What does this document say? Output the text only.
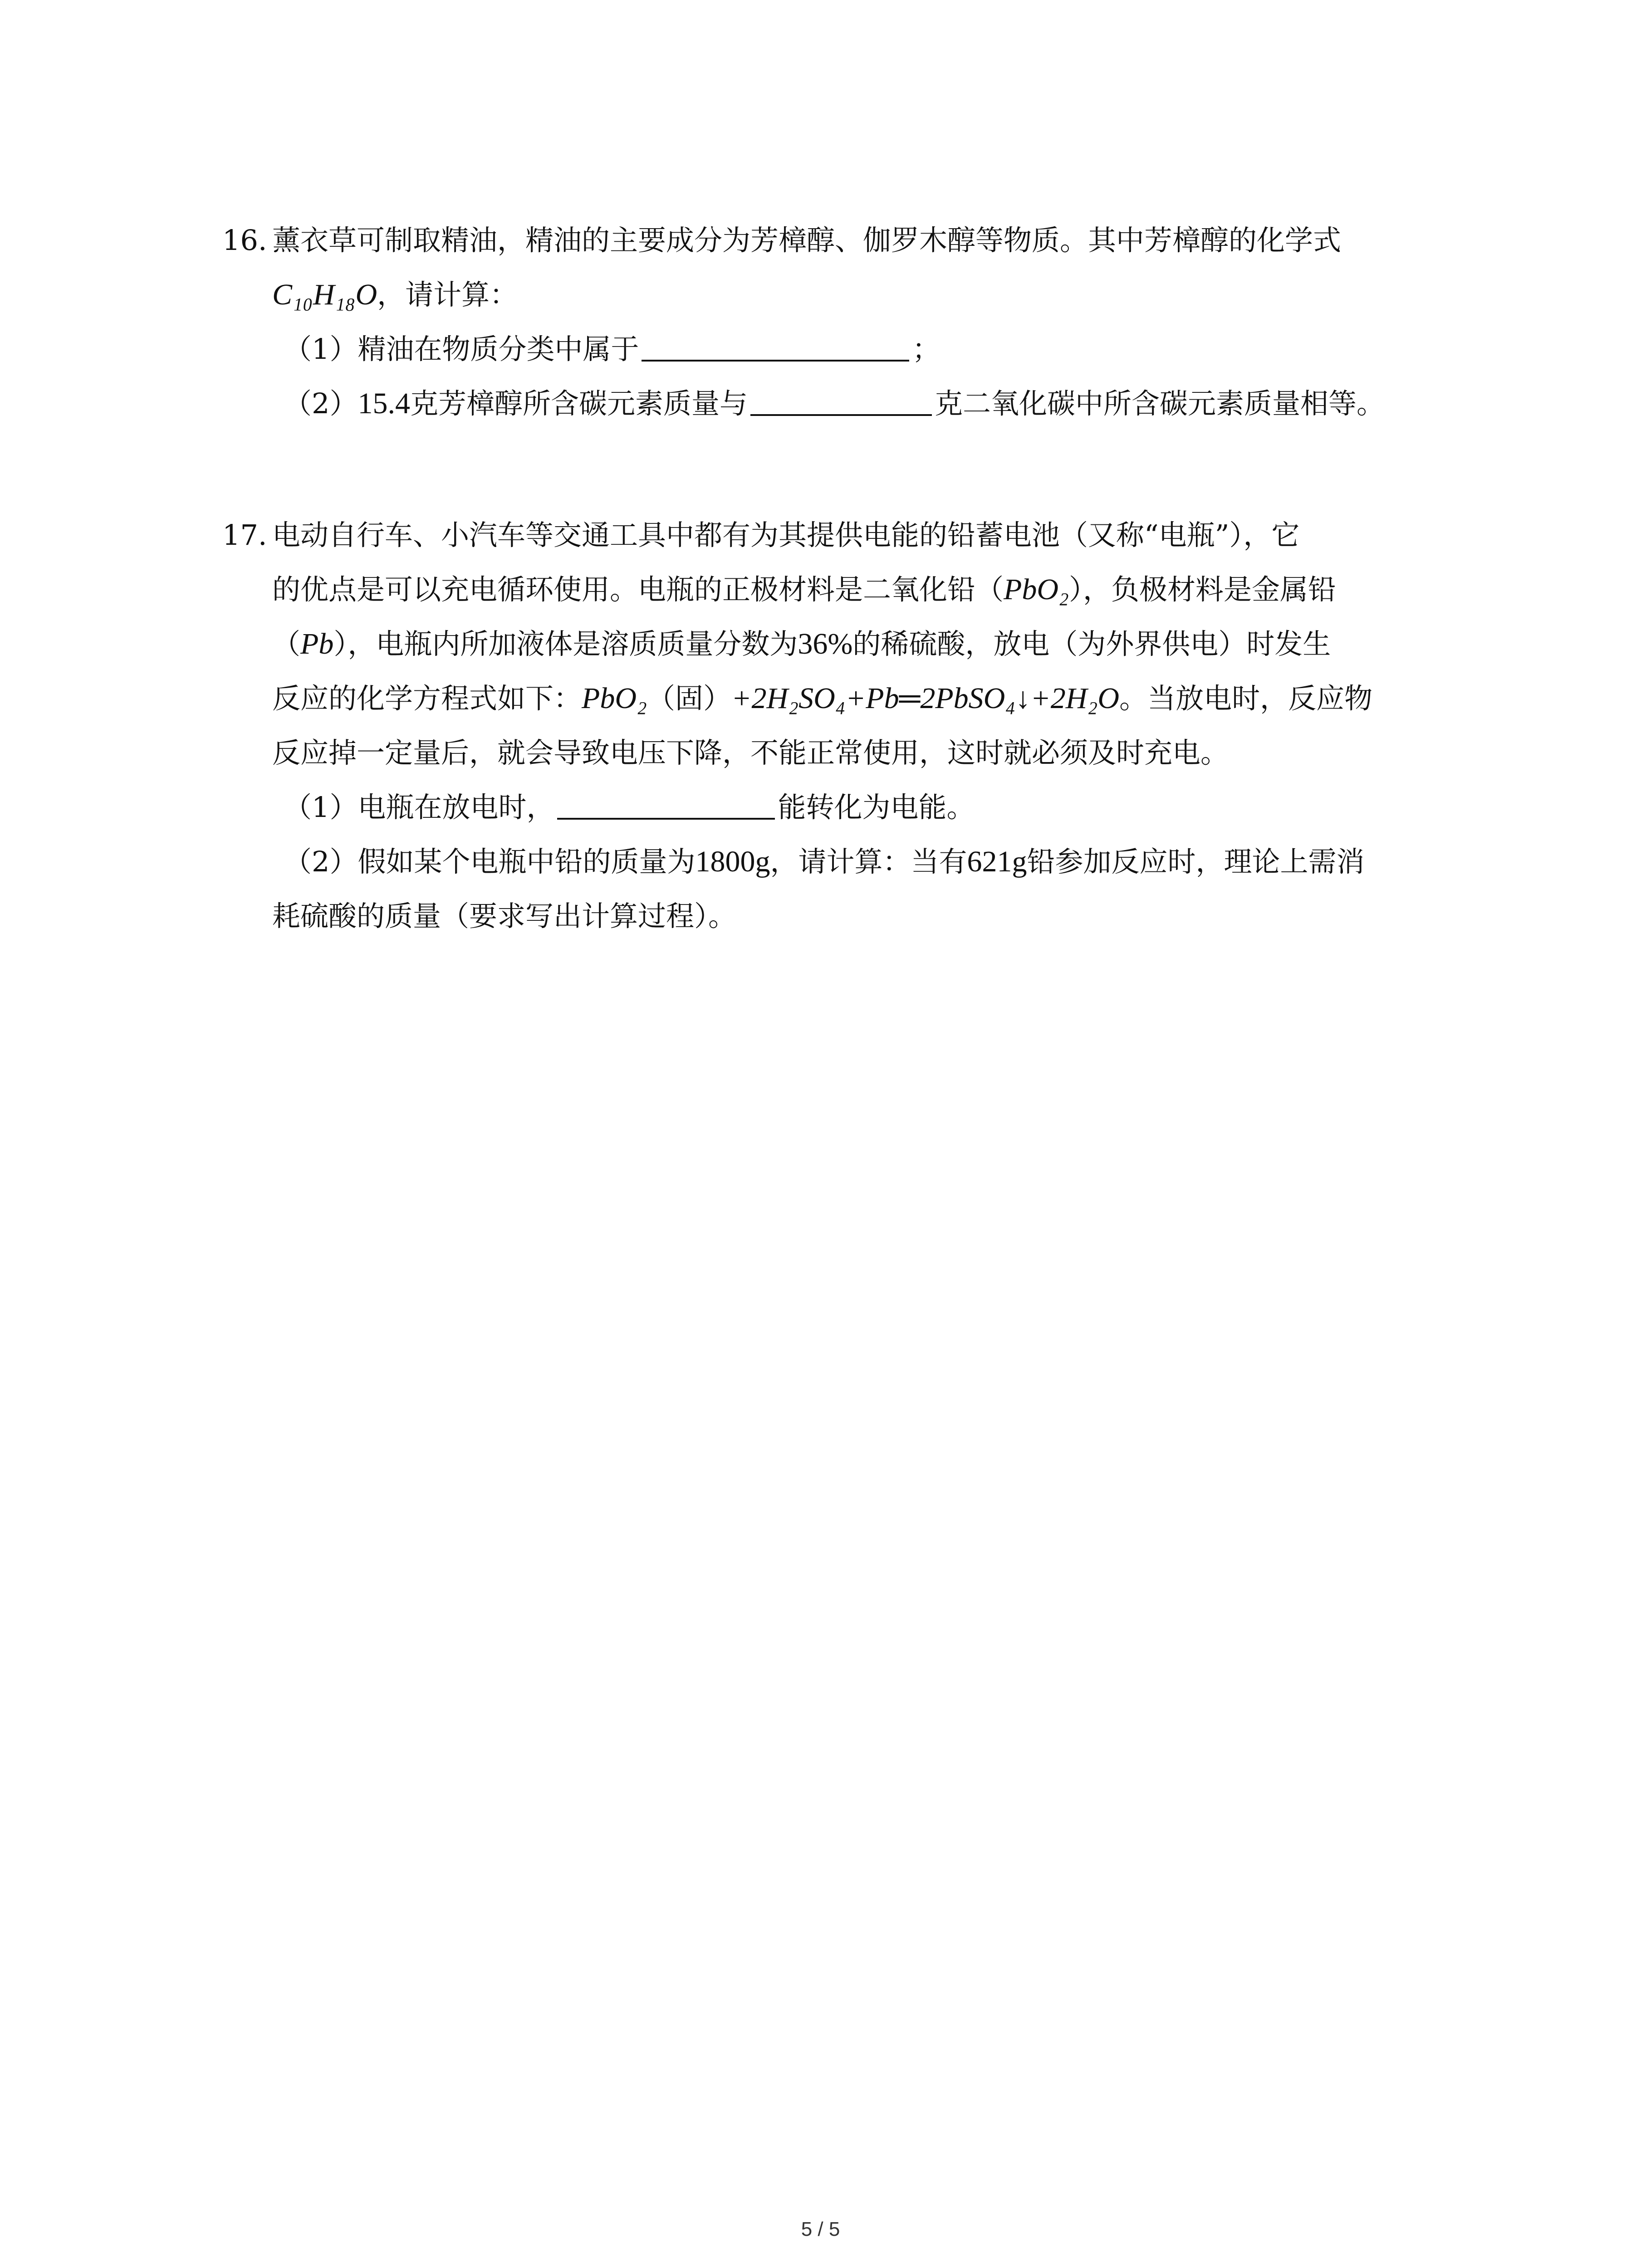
16. 薰衣草可制取精油，精油的主要成分为芳樟醇、伽罗木醇等物质。其中芳樟醇的化学式
C₁₀H₁₈O，请计算：
（1）精油在物质分类中属于	；
（2）15.4克芳樟醇所含碳元素质量与	克二氧化碳中所含碳元素质量相等。
17. 电动自行车、小汽车等交通工具中都有为其提供电能的铅蓄电池（又称“电瓶”），它
的优点是可以充电循环使用。电瓶的正极材料是二氧化铅（PbO₂），负极材料是金属铅
（Pb），电瓶内所加液体是溶质质量分数为36%的稀硫酸，放电（为外界供电）时发生
反应的化学方程式如下：PbO₂（固）+2H₂SO₄+Pb═2PbSO₄↓+2H₂O。当放电时，反应物
反应掉一定量后，就会导致电压下降，不能正常使用，这时就必须及时充电。
（1）电瓶在放电时，	能转化为电能。
（2）假如某个电瓶中铅的质量为1800g，请计算：当有621g铅参加反应时，理论上需消
耗硫酸的质量（要求写出计算过程）。
5 / 5
